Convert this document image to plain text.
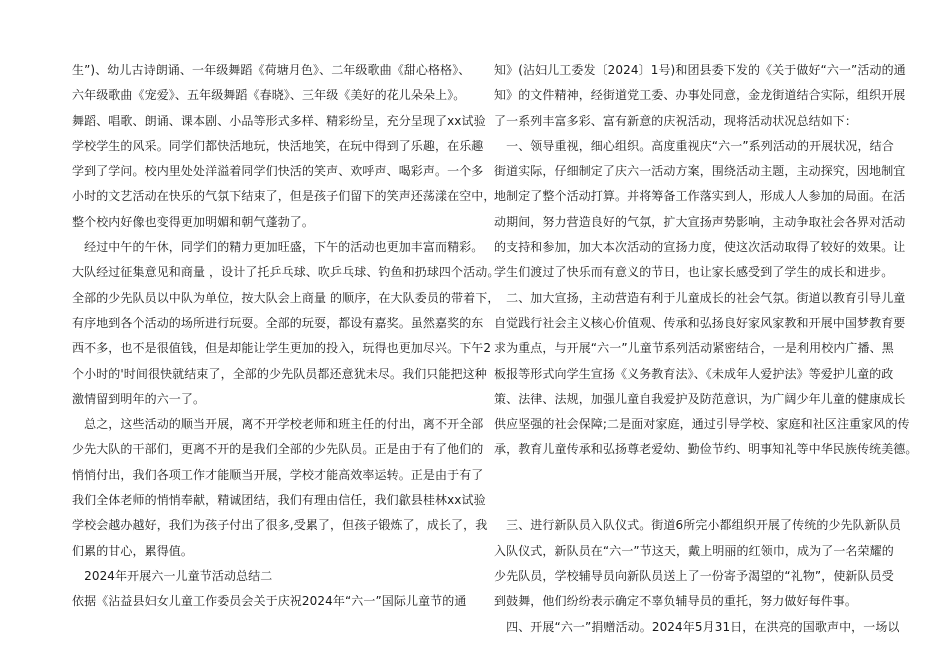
生”)、幼儿古诗朗诵、一年级舞蹈《荷塘月色》、二年级歌曲《甜心格格》、
六年级歌曲《宠爱》、五年级舞蹈《春晓》、三年级《美好的花儿朵朵上》。
舞蹈、唱歌、朗诵、课本剧、小品等形式多样、精彩纷呈，充分呈现了xx试验
学校学生的风采。同学们都快活地玩，快活地笑，在玩中得到了乐趣，在乐趣
学到了学问。校内里处处洋溢着同学们快活的笑声、欢呼声、喝彩声。一个多
小时的文艺活动在快乐的气氛下结束了，但是孩子们留下的笑声还荡漾在空中，
整个校内好像也变得更加明媚和朝气蓬勃了。
　经过中午的午休，同学们的精力更加旺盛，下午的活动也更加丰富而精彩。
大队经过征集意见和商量 ，设计了托乒乓球、吹乒乓球、钓鱼和扔球四个活动。
全部的少先队员以中队为单位，按大队会上商量 的顺序，在大队委员的带着下，
有序地到各个活动的场所进行玩耍。全部的玩耍，都设有嘉奖。虽然嘉奖的东
西不多，也不是很值钱，但是却能让学生更加的投入，玩得也更加尽兴。下午2
个小时的'时间很快就结束了，全部的少先队员都还意犹未尽。我们只能把这种
激情留到明年的六一了。
　总之，这些活动的顺当开展，离不开学校老师和班主任的付出，离不开全部
少先大队的干部们，更离不开的是我们全部的少先队员。正是由于有了他们的
悄悄付出，我们各项工作才能顺当开展，学校才能高效率运转。正是由于有了
我们全体老师的悄悄奉献，精诚团结，我们有理由信任，我们歙县桂林xx试验
学校会越办越好，我们为孩子付出了很多,受累了，但孩子锻炼了，成长了，我
们累的甘心，累得值。
　2024年开展六一儿童节活动总结二
依据《沾益县妇女儿童工作委员会关于庆祝2024年“六一”国际儿童节的通
知》(沾妇儿工委发〔2024〕1号)和团县委下发的《关于做好“六一”活动的通
知》的文件精神，经街道党工委、办事处同意，金龙街道结合实际，组织开展
了一系列丰富多彩、富有新意的庆祝活动，现将活动状况总结如下：
　一、领导重视，细心组织。高度重视庆“六一”系列活动的开展状况，结合
街道实际，仔细制定了庆六一活动方案，围绕活动主题，主动探究，因地制宜
地制定了整个活动打算。并将筹备工作落实到人，形成人人参加的局面。在活
动期间，努力营造良好的气氛，扩大宣扬声势影响，主动争取社会各界对活动
的支持和参加，加大本次活动的宣扬力度，使这次活动取得了较好的效果。让
学生们渡过了快乐而有意义的节日，也让家长感受到了学生的成长和进步。
　二、加大宣扬，主动营造有利于儿童成长的社会气氛。街道以教育引导儿童
自觉践行社会主义核心价值观、传承和弘扬良好家风家教和开展中国梦教育要
求为重点，与开展“六一”儿童节系列活动紧密结合，一是利用校内广播、黑
板报等形式向学生宣扬《义务教育法》、《未成年人爱护法》等爱护儿童的政
策、法律、法规，加强儿童自我爱护及防范意识，为广阔少年儿童的健康成长
供应坚强的社会保障;二是面对家庭，通过引导学校、家庭和社区注重家风的传
承，教育儿童传承和弘扬尊老爱幼、勤俭节约、明事知礼等中华民族传统美德。
　三、进行新队员入队仪式。街道6所完小都组织开展了传统的少先队新队员
入队仪式，新队员在“六一”节这天，戴上明丽的红领巾，成为了一名荣耀的
少先队员，学校辅导员向新队员送上了一份寄予渴望的“礼物”，使新队员受
到鼓舞，他们纷纷表示确定不辜负辅导员的重托，努力做好每件事。
　四、开展“六一”捐赠活动。2024年5月31日，在洪亮的国歌声中，一场以
